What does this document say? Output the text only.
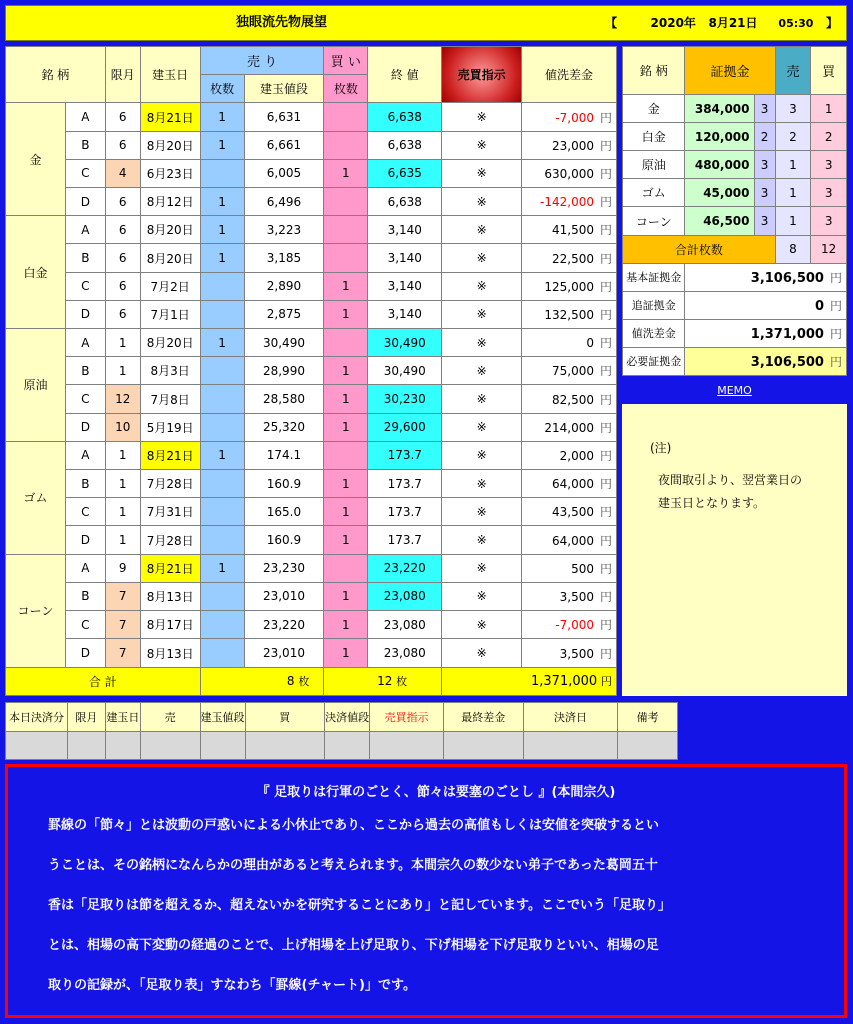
独眼流先物展望	【	2020年 8月21日 05:30 】
銘 柄		限月	建玉日	売 り		買 い	終 値	売買指示	値洗差金
				枚数	建玉値段	枚数			
金	A	6	8月21日	1	6,631		6,638	※	-7,000 円
	B	6	8月20日	1	6,661		6,638	※	23,000 円
	C	4	6月23日		6,005	1	6,635	※	630,000 円
	D	6	8月12日	1	6,496		6,638	※	-142,000 円
白金	A	6	8月20日	1	3,223		3,140	※	41,500 円
	B	6	8月20日	1	3,185		3,140	※	22,500 円
	C	6	7月2日		2,890	1	3,140	※	125,000 円
	D	6	7月1日		2,875	1	3,140	※	132,500 円
原油	A	1	8月20日	1	30,490		30,490	※	0 円
	B	1	8月3日		28,990	1	30,490	※	75,000 円
	C	12	7月8日		28,580	1	30,230	※	82,500 円
	D	10	5月19日		25,320	1	29,600	※	214,000 円
ゴム	A	1	8月21日	1	174.1		173.7	※	2,000 円
	B	1	7月28日		160.9	1	173.7	※	64,000 円
	C	1	7月31日		165.0	1	173.7	※	43,500 円
	D	1	7月28日		160.9	1	173.7	※	64,000 円
コーン	A	9	8月21日	1	23,230		23,220	※	500 円
	B	7	8月13日		23,010	1	23,080	※	3,500 円
	C	7	8月17日		23,220	1	23,080	※	-7,000 円
	D	7	8月13日		23,010	1	23,080	※	3,500 円
合 計				8 枚		12 枚		1,371,000 円	
銘 柄	証拠金		売	買
金	384,000	3	3	1
白金	120,000	2	2	2
原油	480,000	3	1	3
ゴム	45,000	3	1	3
コーン	46,500	3	1	3
合計枚数			8	12
基本証拠金	3,106,500 円			
追証拠金	0 円			
値洗差金	1,371,000 円			
必要証拠金	3,106,500 円			
MEMO
(注)
夜間取引より、翌営業日の
建玉日となります。
本日決済分	限月	建玉日	売	建玉値段	買	決済値段	売買指示	最終差金	決済日	備考

『 足取りは行軍のごとく、節々は要塞のごとし 』(本間宗久)
罫線の「節々」とは波動の戸惑いによる小休止であり、ここから過去の高値もしくは安値を突破するとい
うことは、その銘柄になんらかの理由があると考えられます。本間宗久の数少ない弟子であった葛岡五十
香は「足取りは節を超えるか、超えないかを研究することにあり」と記しています。ここでいう「足取り」
とは、相場の高下変動の経過のことで、上げ相場を上げ足取り、下げ相場を下げ足取りといい、相場の足
取りの記録が、「足取り表」すなわち「罫線(チャート)」です。
